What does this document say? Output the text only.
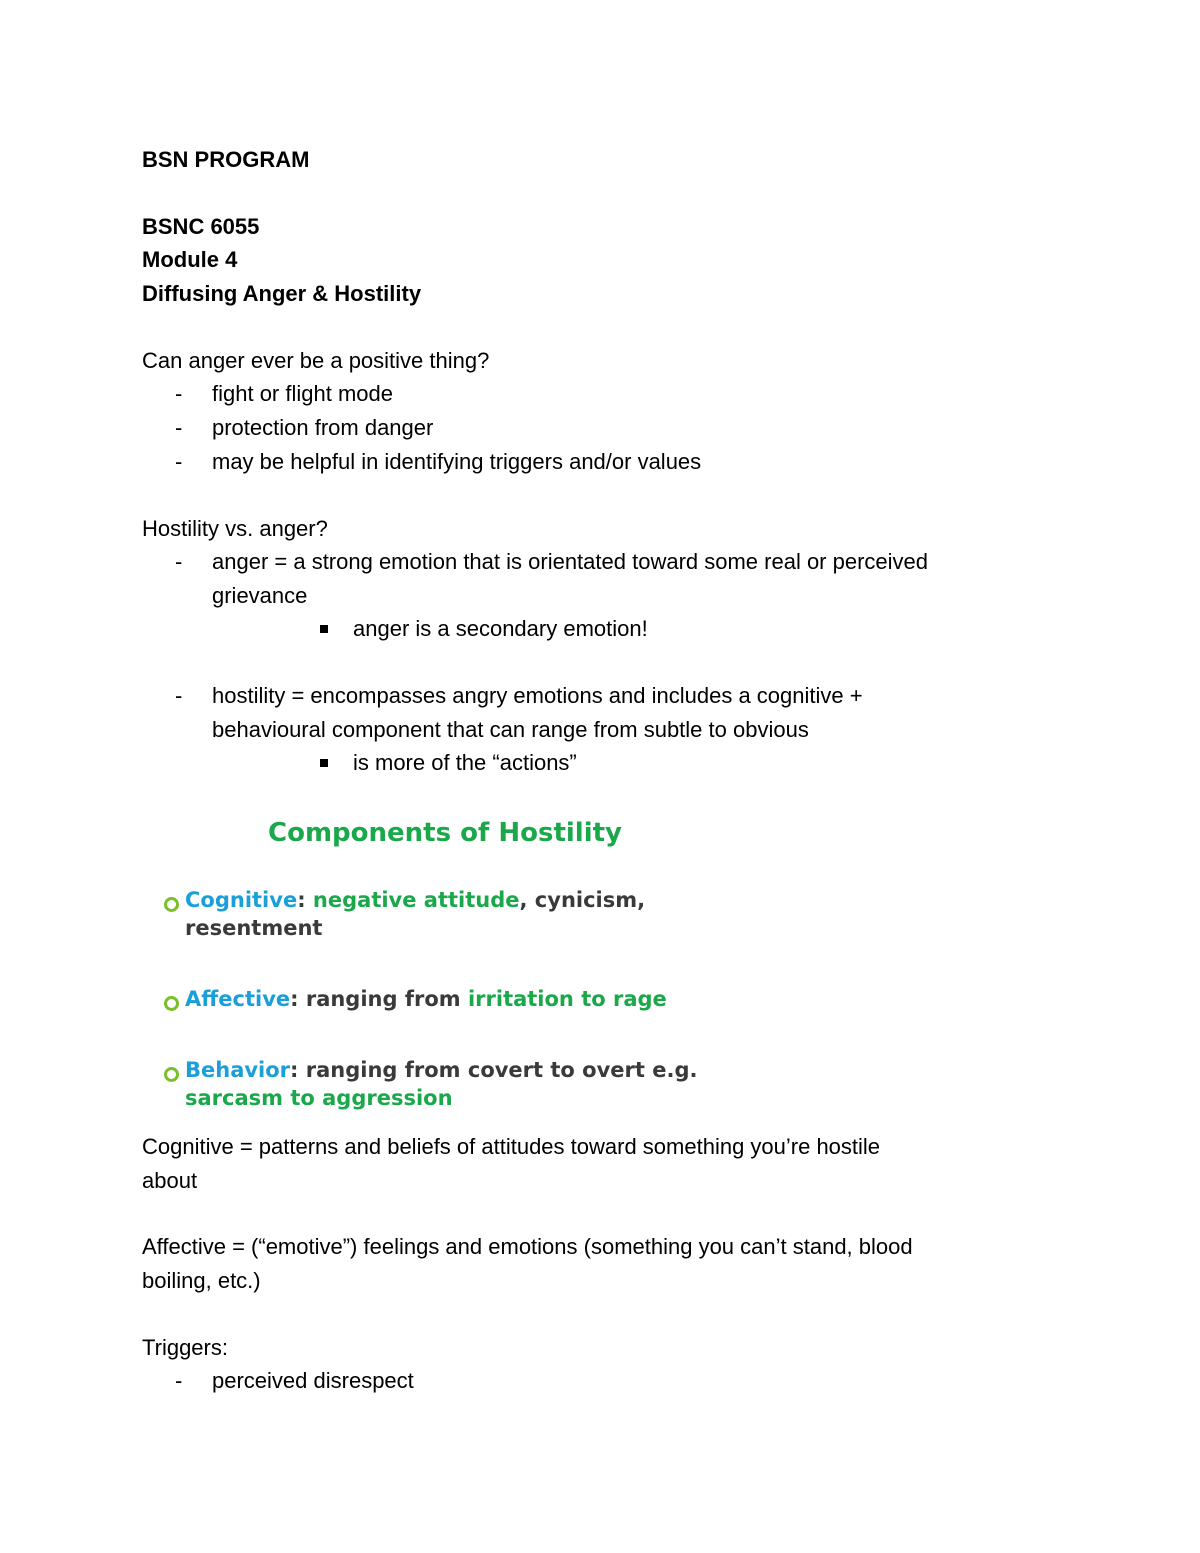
BSN PROGRAM
BSNC 6055
Module 4
Diffusing Anger & Hostility
Can anger ever be a positive thing?
- fight or flight mode
- protection from danger
- may be helpful in identifying triggers and/or values
Hostility vs. anger?
- anger = a strong emotion that is orientated toward some real or perceived
grievance
anger is a secondary emotion!
- hostility = encompasses angry emotions and includes a cognitive +
behavioural component that can range from subtle to obvious
is more of the “actions”
Components of Hostility
Cognitive: negative attitude, cynicism,
resentment
Affective: ranging from irritation to rage
Behavior: ranging from covert to overt e.g.
sarcasm to aggression
Cognitive = patterns and beliefs of attitudes toward something you’re hostile
about
Affective = (“emotive”) feelings and emotions (something you can’t stand, blood
boiling, etc.)
Triggers:
- perceived disrespect
